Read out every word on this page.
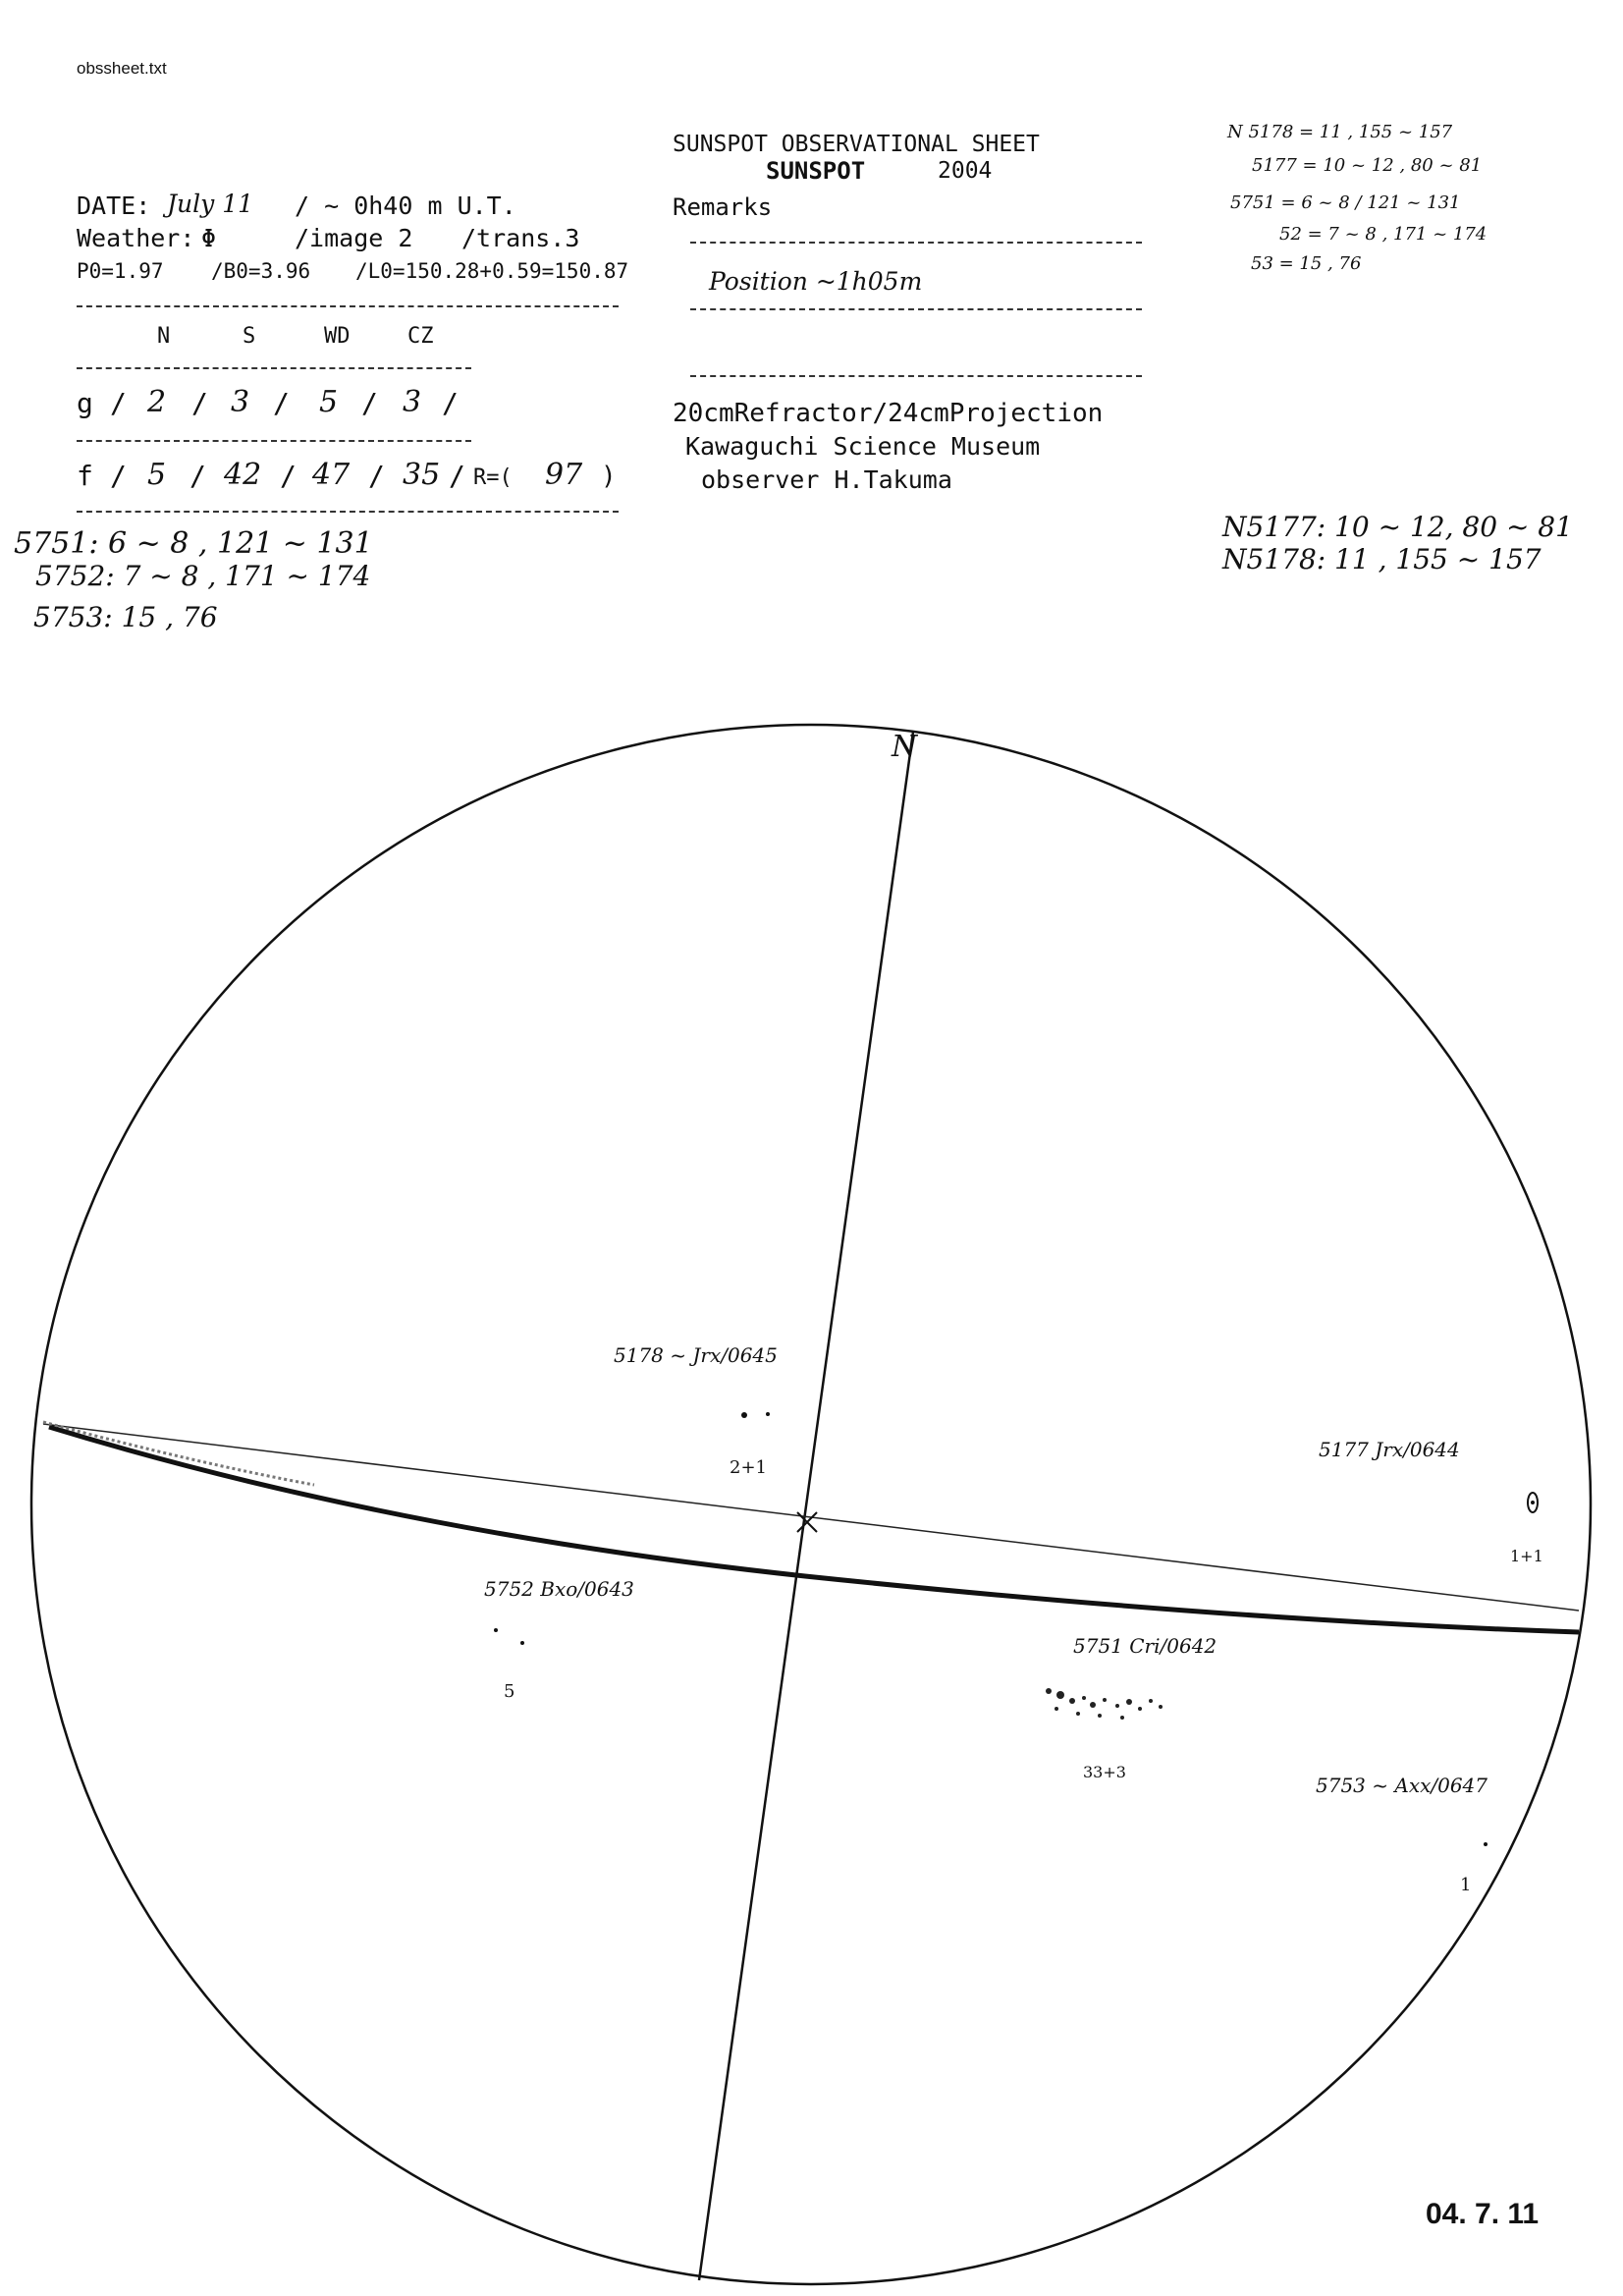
obssheet.txt
SUNSPOT OBSERVATIONAL SHEET
SUNSPOT	2004
DATE: July 11 / ~ 0h40 m U.T.
Weather: Φ	/image 2 /trans.3
P0=1.97 /B0=3.96 /L0=150.28+0.59=150.87
N	S	WD	CZ
g / 2 / 3 / 5 / 3 /
f / 5 / 42 / 47 / 35 / R=( 97 )
5751: 6 ~ 8 , 121 ~ 131
5752: 7 ~ 8 , 171 ~ 174
5753: 15 , 76
Remarks
Position ~1h05m
20cmRefractor/24cmProjection
Kawaguchi Science Museum
observer H.Takuma
N 5178 = 11 , 155 ~ 157
5177 = 10 ~ 12 , 80 ~ 81
5751 = 6 ~ 8 / 121 ~ 131
52 = 7 ~ 8 , 171 ~ 174
53 = 15 , 76
N5177: 10 ~ 12, 80 ~ 81
N5178: 11 , 155 ~ 157
N
5178 ~ Jrx/0645
2+1
5177 Jrx/0644
1+1
5752 Bxo/0643
5
5751 Cri/0642
33+3
5753 ~ Axx/0647
1
04. 7. 11
